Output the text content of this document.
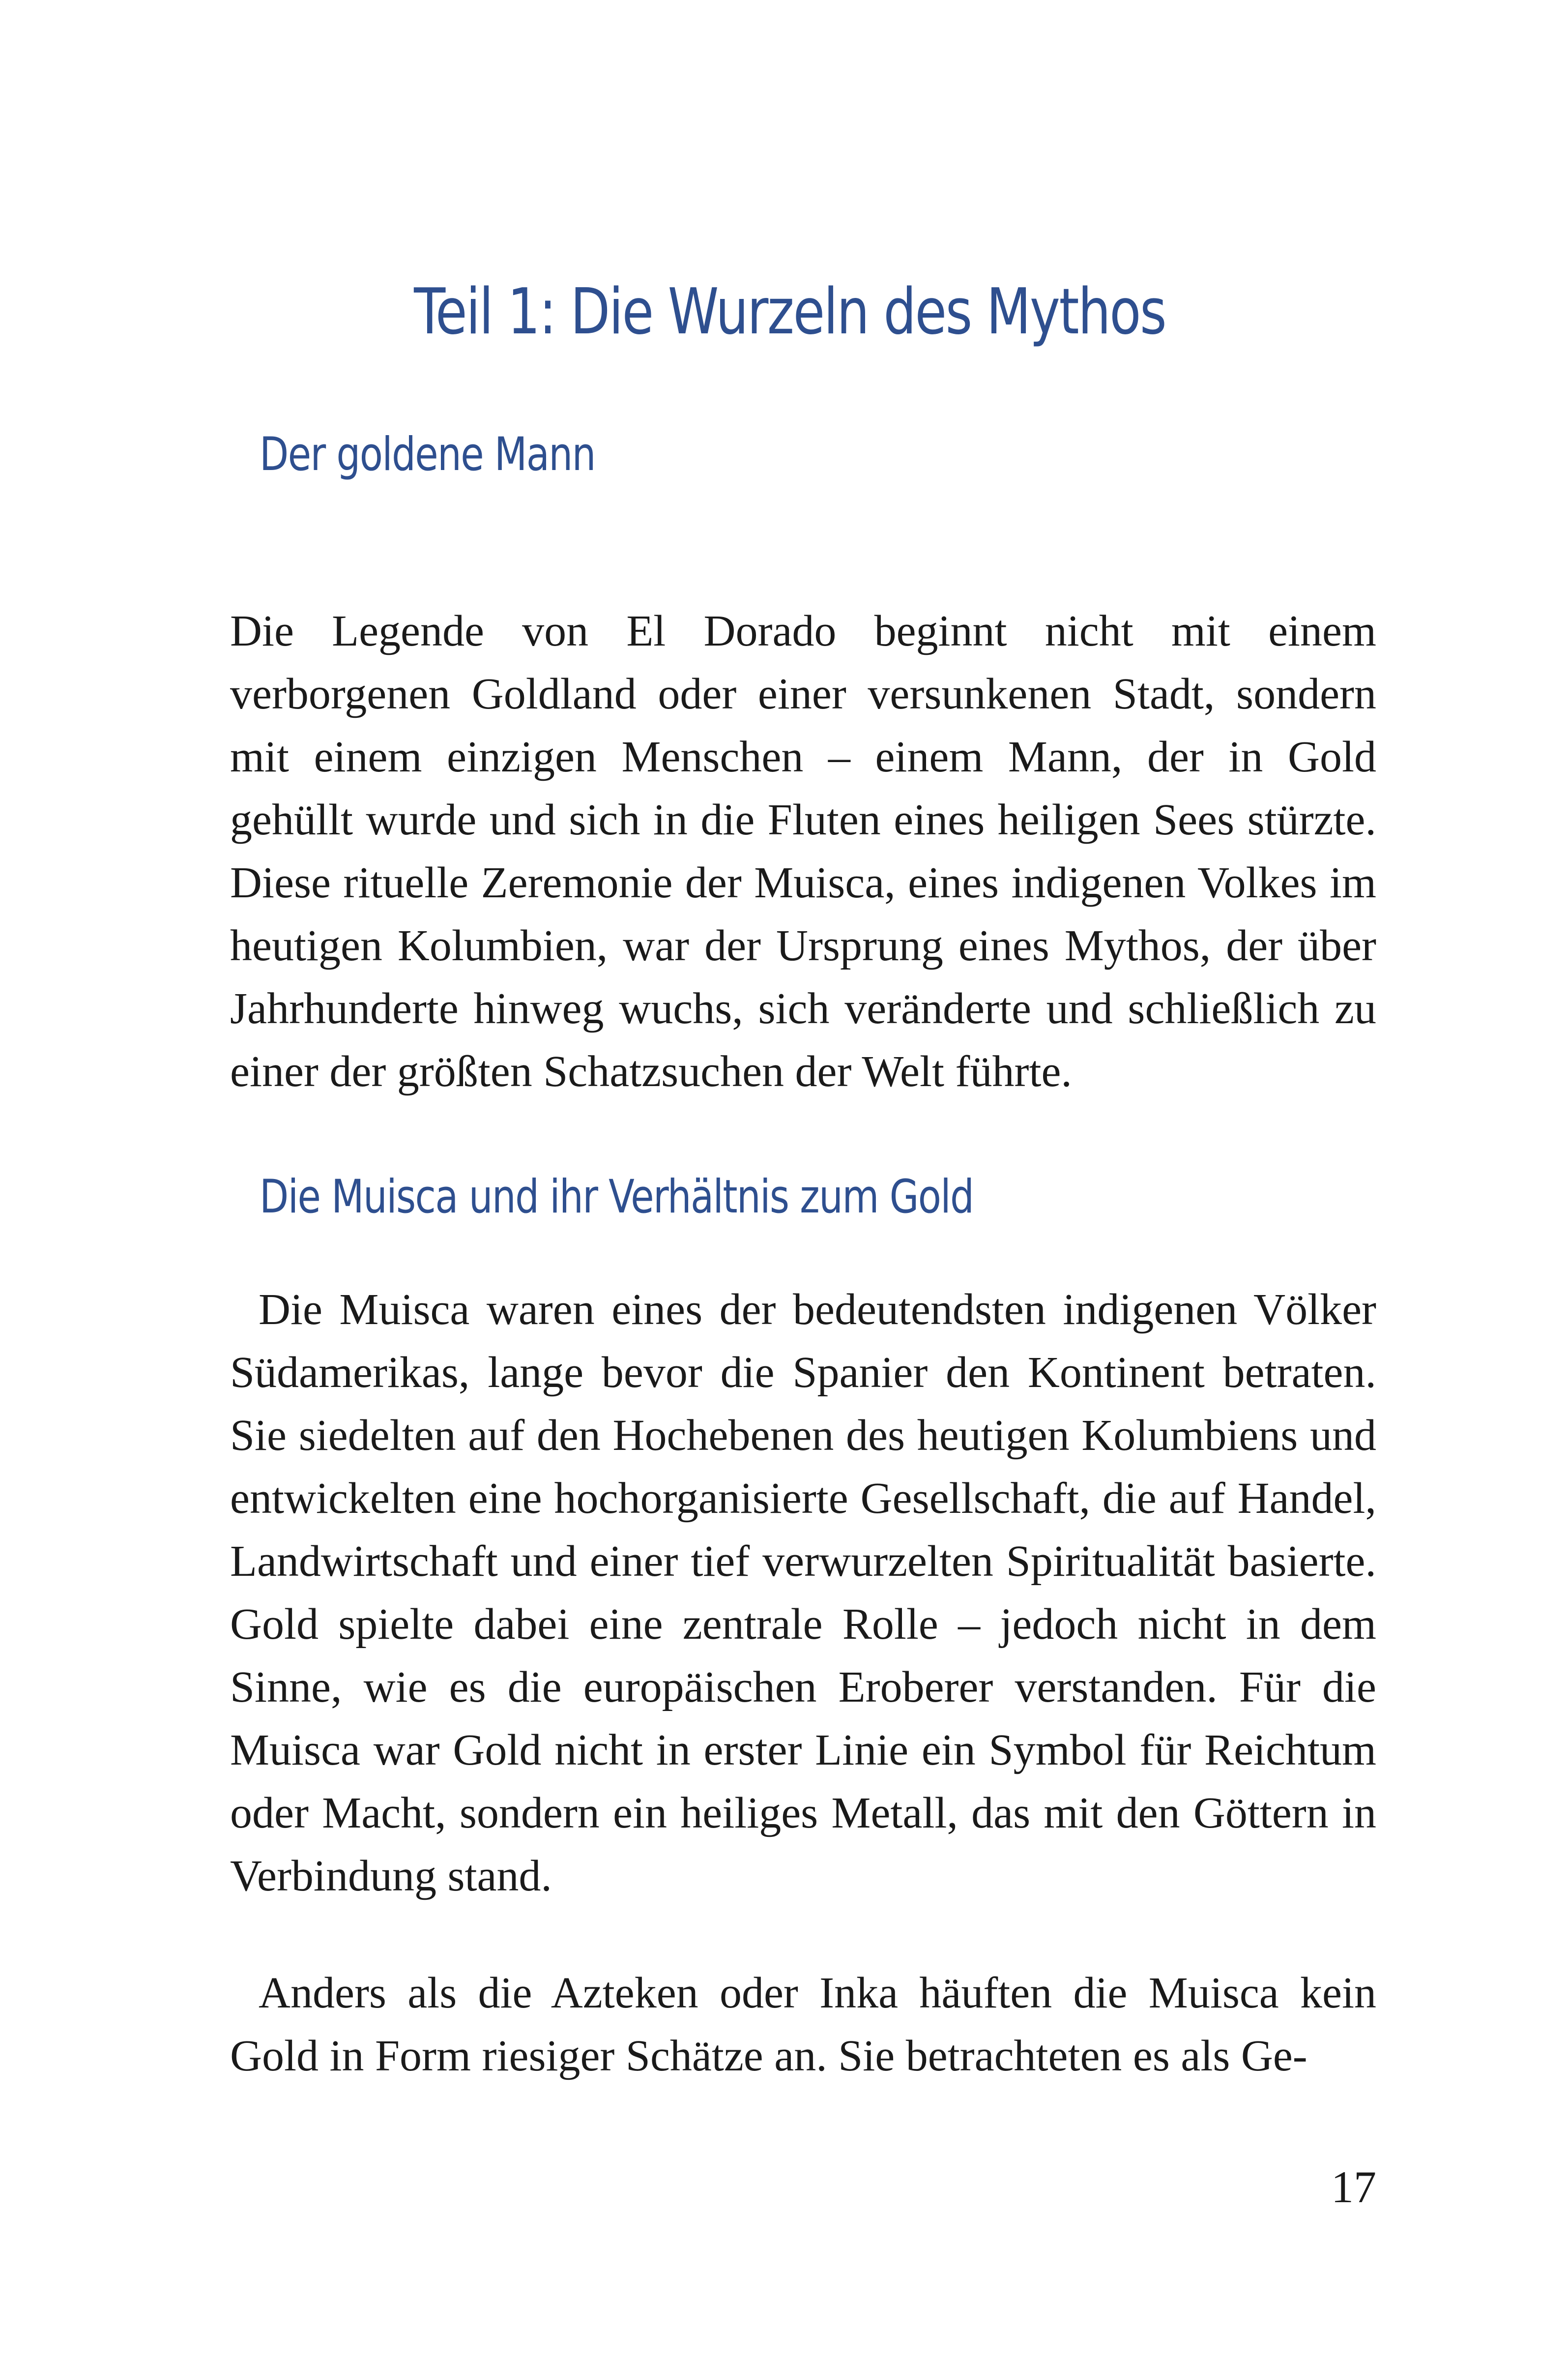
Teil 1: Die Wurzeln des Mythos
Der goldene Mann

Die Legende von El Dorado beginnt nicht mit einem verborgenen Goldland oder einer versunkenen Stadt, sondern mit einem einzigen Menschen – einem Mann, der in Gold gehüllt wurde und sich in die Fluten eines heiligen Sees stürzte. Diese rituelle Zeremonie der Muisca, eines indigenen Volkes im heutigen Kolumbien, war der Ursprung eines Mythos, der über Jahrhunderte hinweg wuchs, sich veränderte und schließlich zu einer der größten Schatzsuchen der Welt führte.

Die Muisca und ihr Verhältnis zum Gold

Die Muisca waren eines der bedeutendsten indigenen Völker Südamerikas, lange bevor die Spanier den Kontinent betraten. Sie siedelten auf den Hochebenen des heutigen Kolumbiens und entwickelten eine hochorganisierte Gesellschaft, die auf Handel, Landwirtschaft und einer tief verwurzelten Spiritualität basierte. Gold spielte dabei eine zentrale Rolle – jedoch nicht in dem Sinne, wie es die europäischen Eroberer verstanden. Für die Muisca war Gold nicht in erster Linie ein Symbol für Reichtum oder Macht, sondern ein heiliges Metall, das mit den Göttern in Verbindung stand.

Anders als die Azteken oder Inka häuften die Muisca kein Gold in Form riesiger Schätze an. Sie betrachteten es als Ge-

17
